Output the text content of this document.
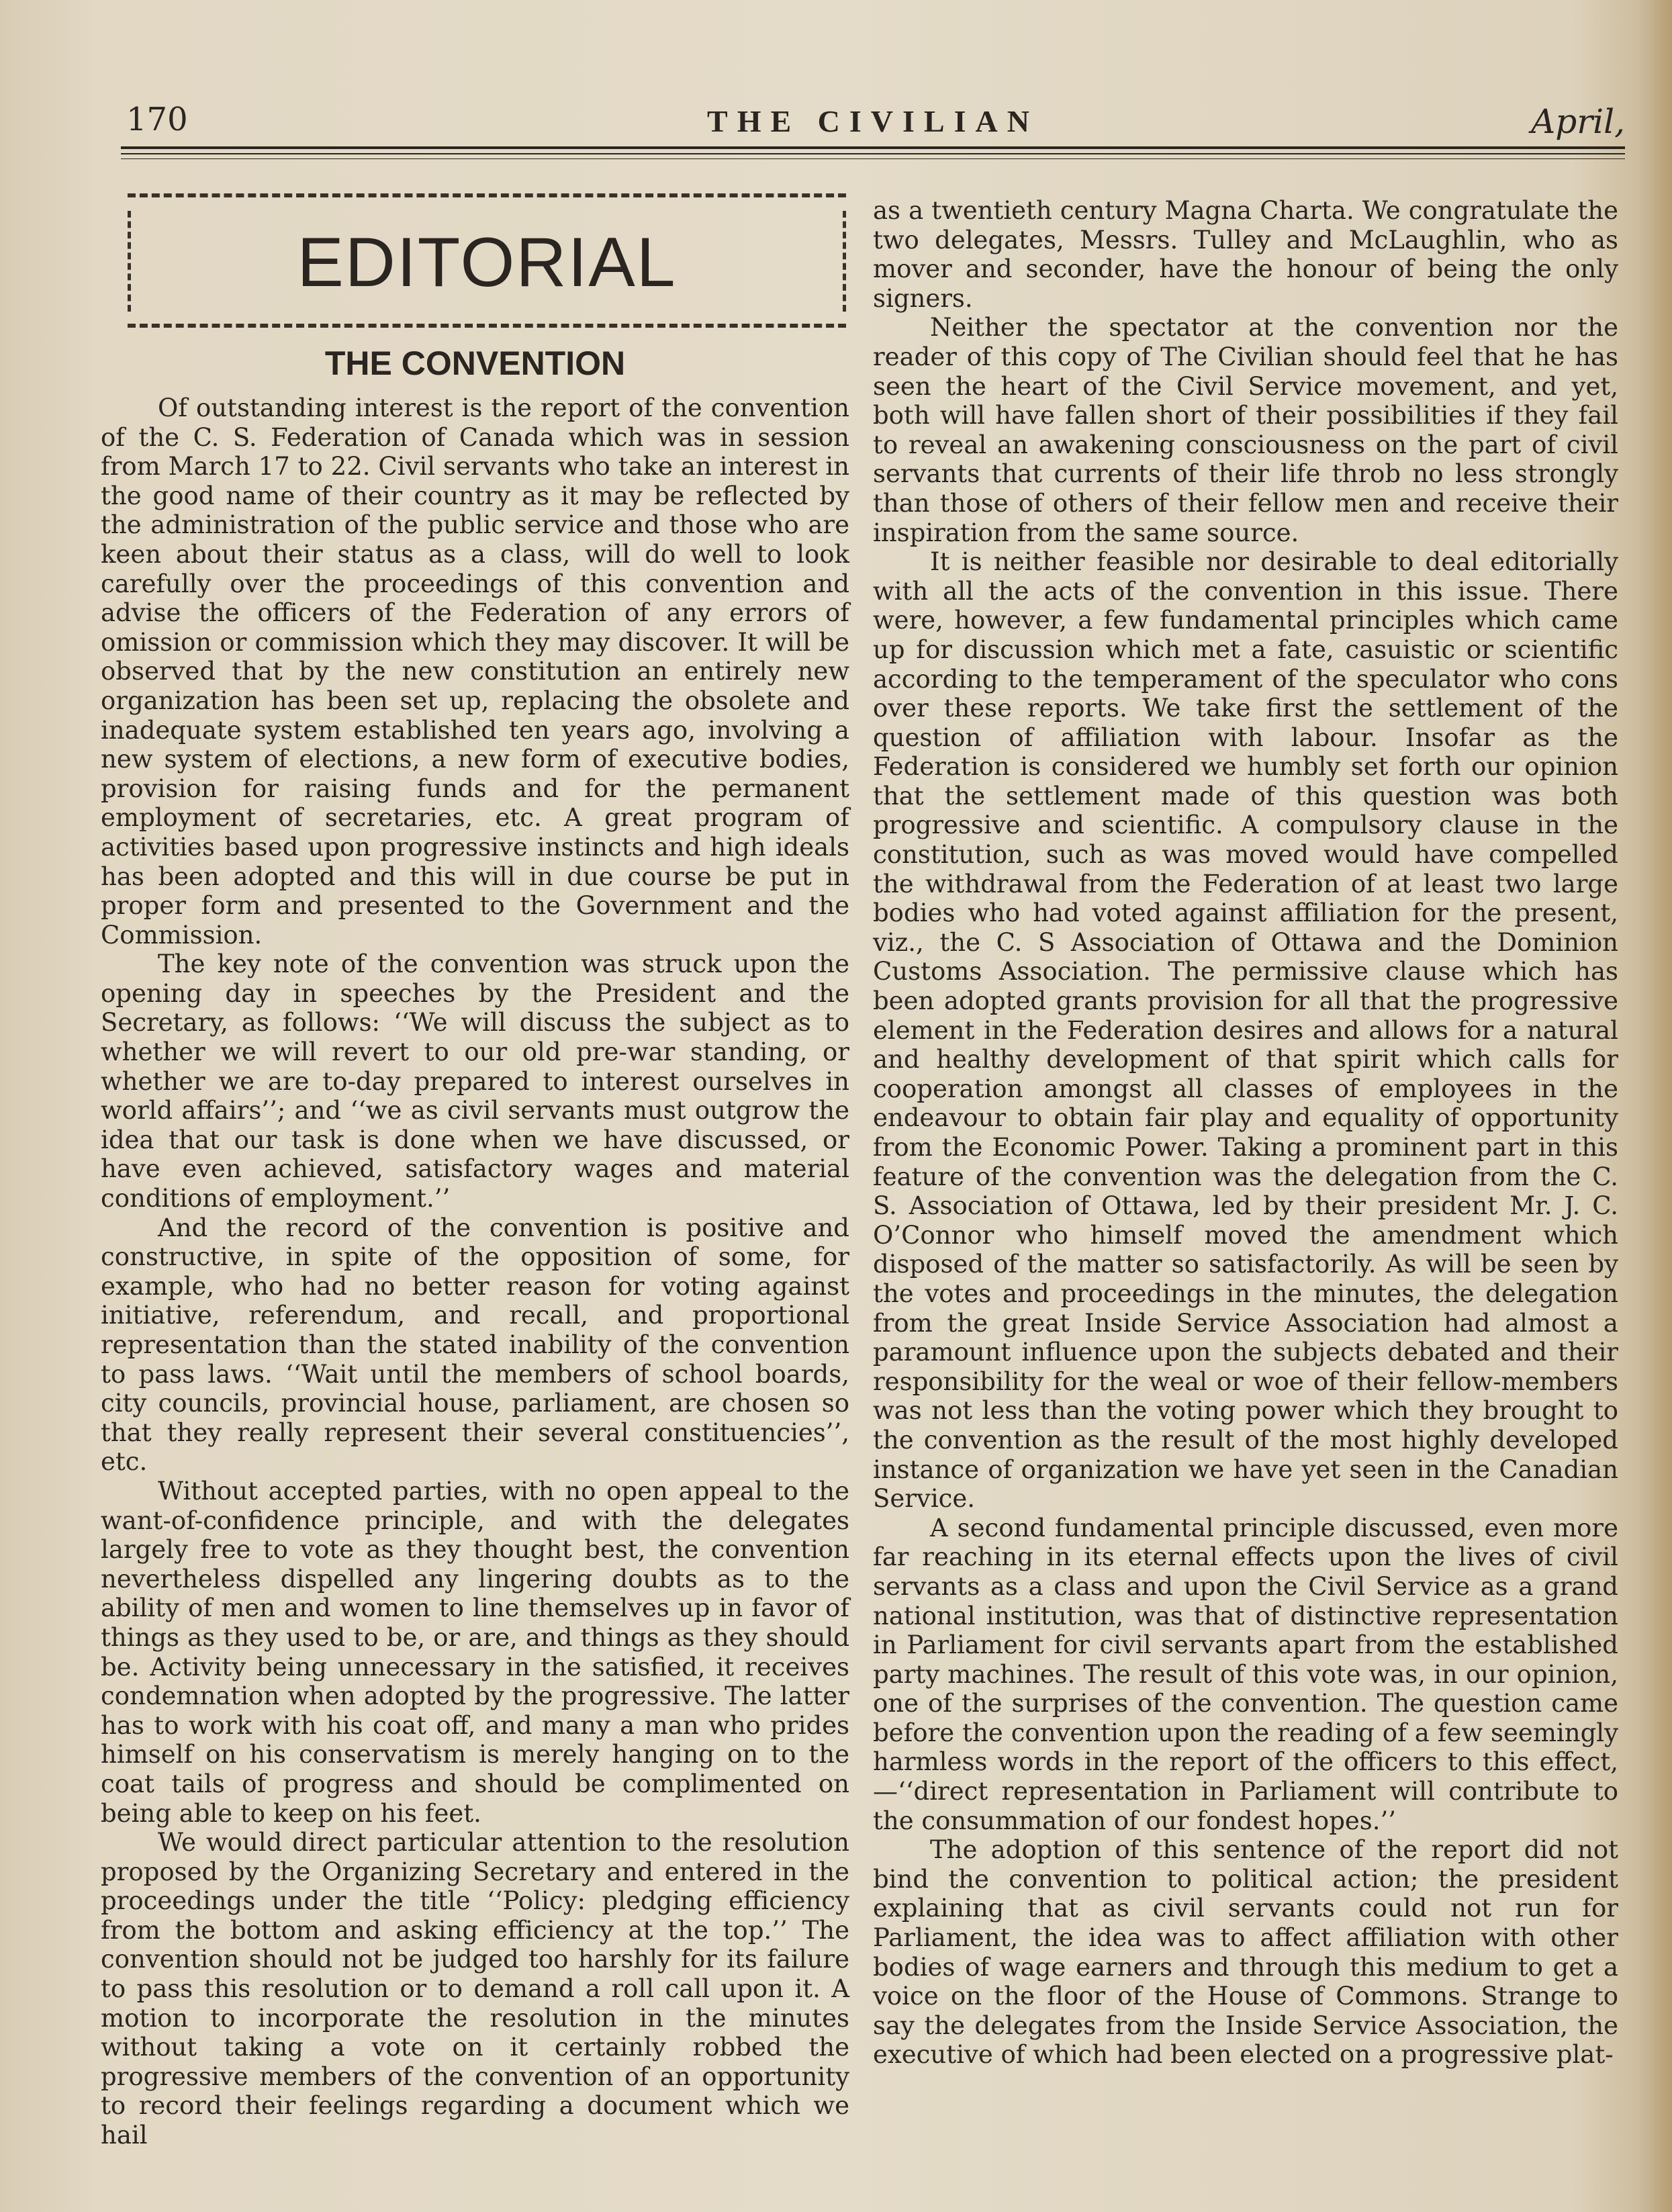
170	THE CIVILIAN	April,
EDITORIAL
THE CONVENTION

Of outstanding interest is the report of the convention of the C. S. Federation of Canada which was in session from March 17 to 22. Civil servants who take an interest in the good name of their country as it may be reflected by the administration of the public service and those who are keen about their status as a class, will do well to look carefully over the proceedings of this convention and advise the officers of the Federation of any errors of omission or commission which they may discover. It will be observed that by the new constitution an entirely new organization has been set up, replacing the obsolete and inadequate system established ten years ago, involving a new system of elections, a new form of executive bodies, provision for raising funds and for the permanent employment of secretaries, etc. A great program of activities based upon progressive instincts and high ideals has been adopted and this will in due course be put in proper form and presented to the Government and the Commission.

The key note of the convention was struck upon the opening day in speeches by the President and the Secretary, as follows: ‘‘We will discuss the subject as to whether we will revert to our old pre-war standing, or whether we are to-day prepared to interest ourselves in world affairs’’; and ‘‘we as civil servants must outgrow the idea that our task is done when we have discussed, or have even achieved, satisfactory wages and material conditions of employment.’’

And the record of the convention is positive and constructive, in spite of the opposition of some, for example, who had no better reason for voting against initiative, referendum, and recall, and proportional representation than the stated inability of the convention to pass laws. ‘‘Wait until the members of school boards, city councils, provincial house, parliament, are chosen so that they really represent their several constituencies’’, etc.

Without accepted parties, with no open appeal to the want-of-confidence principle, and with the delegates largely free to vote as they thought best, the convention nevertheless dispelled any lingering doubts as to the ability of men and women to line themselves up in favor of things as they used to be, or are, and things as they should be. Activity being unnecessary in the satisfied, it receives condemnation when adopted by the progressive. The latter has to work with his coat off, and many a man who prides himself on his conservatism is merely hanging on to the coat tails of progress and should be complimented on being able to keep on his feet.

We would direct particular attention to the resolution proposed by the Organizing Secretary and entered in the proceedings under the title ‘‘Policy: pledging efficiency from the bottom and asking efficiency at the top.’’ The convention should not be judged too harshly for its failure to pass this resolution or to demand a roll call upon it. A motion to incorporate the resolution in the minutes without taking a vote on it certainly robbed the progressive members of the convention of an opportunity to record their feelings regarding a document which we hail

as a twentieth century Magna Charta. We congratulate the two delegates, Messrs. Tulley and McLaughlin, who as mover and seconder, have the honour of being the only signers.

Neither the spectator at the convention nor the reader of this copy of The Civilian should feel that he has seen the heart of the Civil Service movement, and yet, both will have fallen short of their possibilities if they fail to reveal an awakening consciousness on the part of civil servants that currents of their life throb no less strongly than those of others of their fellow men and receive their inspiration from the same source.

It is neither feasible nor desirable to deal editorially with all the acts of the convention in this issue. There were, however, a few fundamental principles which came up for discussion which met a fate, casuistic or scientific according to the temperament of the speculator who cons over these reports. We take first the settlement of the question of affiliation with labour. Insofar as the Federation is considered we humbly set forth our opinion that the settlement made of this question was both progressive and scientific. A compulsory clause in the constitution, such as was moved would have compelled the withdrawal from the Federation of at least two large bodies who had voted against affiliation for the present, viz., the C. S Association of Ottawa and the Dominion Customs Association. The permissive clause which has been adopted grants provision for all that the progressive element in the Federation desires and allows for a natural and healthy development of that spirit which calls for cooperation amongst all classes of employees in the endeavour to obtain fair play and equality of opportunity from the Economic Power. Taking a prominent part in this feature of the convention was the delegation from the C. S. Association of Ottawa, led by their president Mr. J. C. O’Connor who himself moved the amendment which disposed of the matter so satisfactorily. As will be seen by the votes and proceedings in the minutes, the delegation from the great Inside Service Association had almost a paramount influence upon the subjects debated and their responsibility for the weal or woe of their fellow-members was not less than the voting power which they brought to the convention as the result of the most highly developed instance of organization we have yet seen in the Canadian Service.

A second fundamental principle discussed, even more far reaching in its eternal effects upon the lives of civil servants as a class and upon the Civil Service as a grand national institution, was that of distinctive representation in Parliament for civil servants apart from the established party machines. The result of this vote was, in our opinion, one of the surprises of the convention. The question came before the convention upon the reading of a few seemingly harmless words in the report of the officers to this effect,—‘‘direct representation in Parliament will contribute to the consummation of our fondest hopes.’’

The adoption of this sentence of the report did not bind the convention to political action; the president explaining that as civil servants could not run for Parliament, the idea was to affect affiliation with other bodies of wage earners and through this medium to get a voice on the floor of the House of Commons. Strange to say the delegates from the Inside Service Association, the executive of which had been elected on a progressive plat-
